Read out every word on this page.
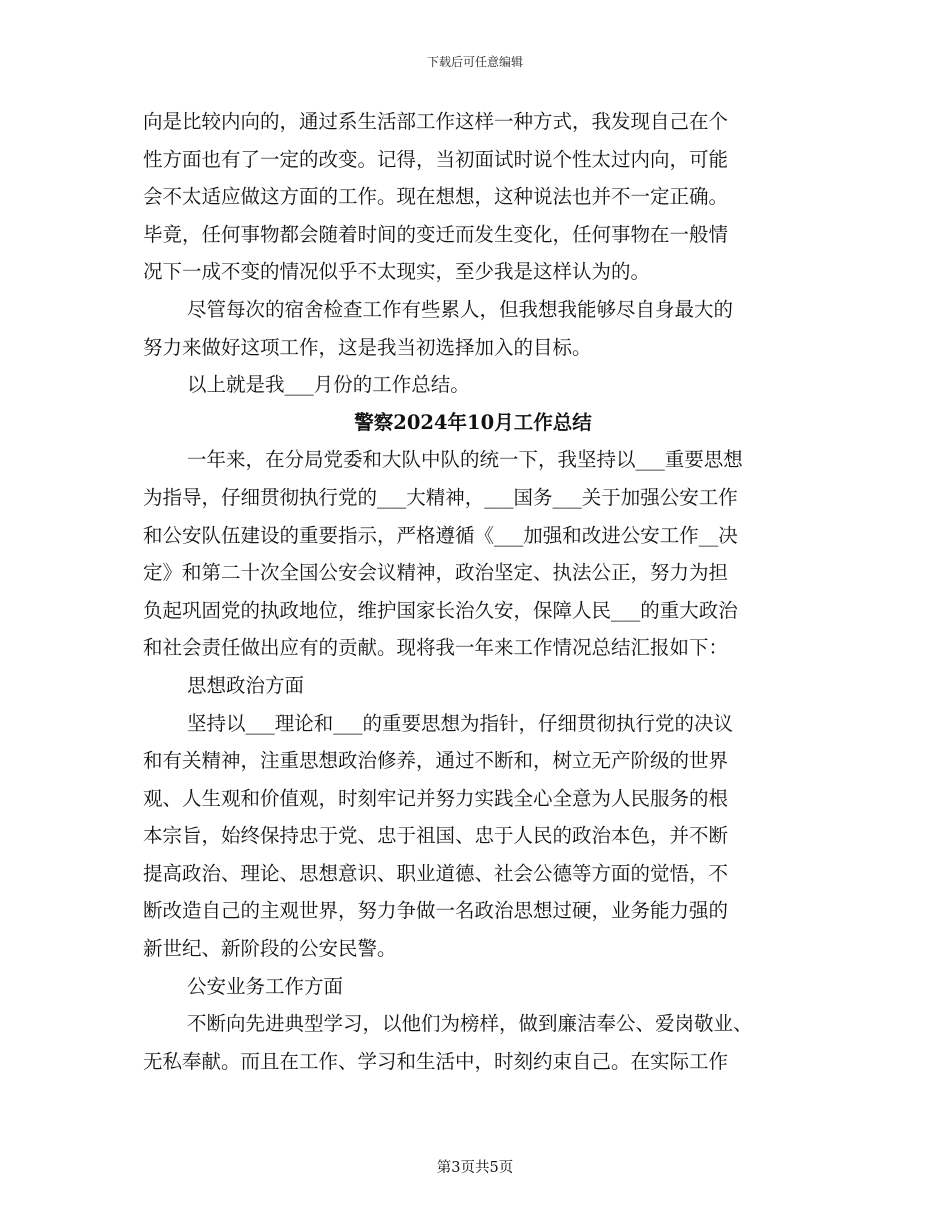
下载后可任意编辑
向是比较内向的，通过系生活部工作这样一种方式，我发现自己在个
性方面也有了一定的改变。记得，当初面试时说个性太过内向，可能
会不太适应做这方面的工作。现在想想，这种说法也并不一定正确。
毕竟，任何事物都会随着时间的变迁而发生变化，任何事物在一般情
况下一成不变的情况似乎不太现实，至少我是这样认为的。
尽管每次的宿舍检查工作有些累人，但我想我能够尽自身最大的
努力来做好这项工作，这是我当初选择加入的目标。
以上就是我___月份的工作总结。
警察2024年10月工作总结
一年来，在分局党委和大队中队的统一下，我坚持以___重要思想
为指导，仔细贯彻执行党的___大精神，___国务___关于加强公安工作
和公安队伍建设的重要指示，严格遵循《___加强和改进公安工作__决
定》和第二十次全国公安会议精神，政治坚定、执法公正，努力为担
负起巩固党的执政地位，维护国家长治久安，保障人民___的重大政治
和社会责任做出应有的贡献。现将我一年来工作情况总结汇报如下：
思想政治方面
坚持以___理论和___的重要思想为指针，仔细贯彻执行党的决议
和有关精神，注重思想政治修养，通过不断和，树立无产阶级的世界
观、人生观和价值观，时刻牢记并努力实践全心全意为人民服务的根
本宗旨，始终保持忠于党、忠于祖国、忠于人民的政治本色，并不断
提高政治、理论、思想意识、职业道德、社会公德等方面的觉悟，不
断改造自己的主观世界，努力争做一名政治思想过硬，业务能力强的
新世纪、新阶段的公安民警。
公安业务工作方面
不断向先进典型学习，以他们为榜样，做到廉洁奉公、爱岗敬业、
无私奉献。而且在工作、学习和生活中，时刻约束自己。在实际工作
第3页共5页
